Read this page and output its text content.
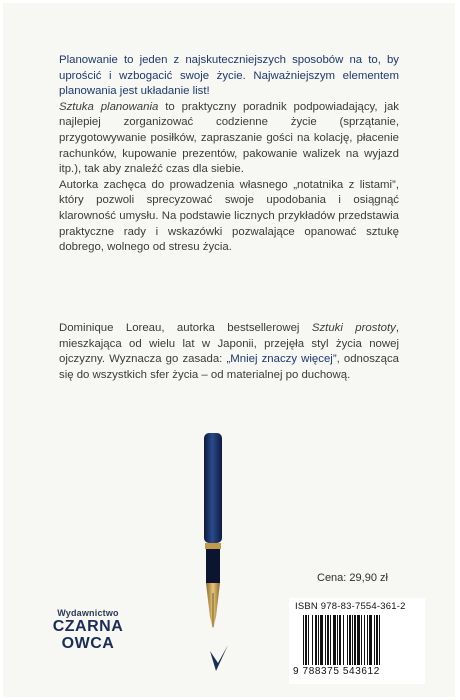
Planowanie to jeden z najskuteczniejszych sposobów na to, by uprościć i wzbogacić swoje życie. Najważniejszym elementem planowania jest układanie list!

Sztuka planowania to praktyczny poradnik podpowiadający, jak najlepiej zorganizować codzienne życie (sprzątanie, przygotowywanie posiłków, zapraszanie gości na kolację, płacenie rachunków, kupowanie prezentów, pakowanie walizek na wyjazd itp.), tak aby znaleźć czas dla siebie.

Autorka zachęca do prowadzenia własnego „notatnika z listami”, który pozwoli sprecyzować swoje upodobania i osiągnąć klarowność umysłu. Na podstawie licznych przykładów przedstawia praktyczne rady i wskazówki pozwalające opanować sztukę dobrego, wolnego od stresu życia.

Dominique Loreau, autorka bestsellerowej Sztuki prostoty, mieszkająca od wielu lat w Japonii, przejęła styl życia nowej ojczyzny. Wyznacza go zasada: „Mniej znaczy więcej”, odnosząca się do wszystkich sfer życia – od materialnej po duchową.

Cena: 29,90 zł
ISBN 978-83-7554-361-2
9 788375 543612
Wydawnictwo
CZARNA
OWCA
